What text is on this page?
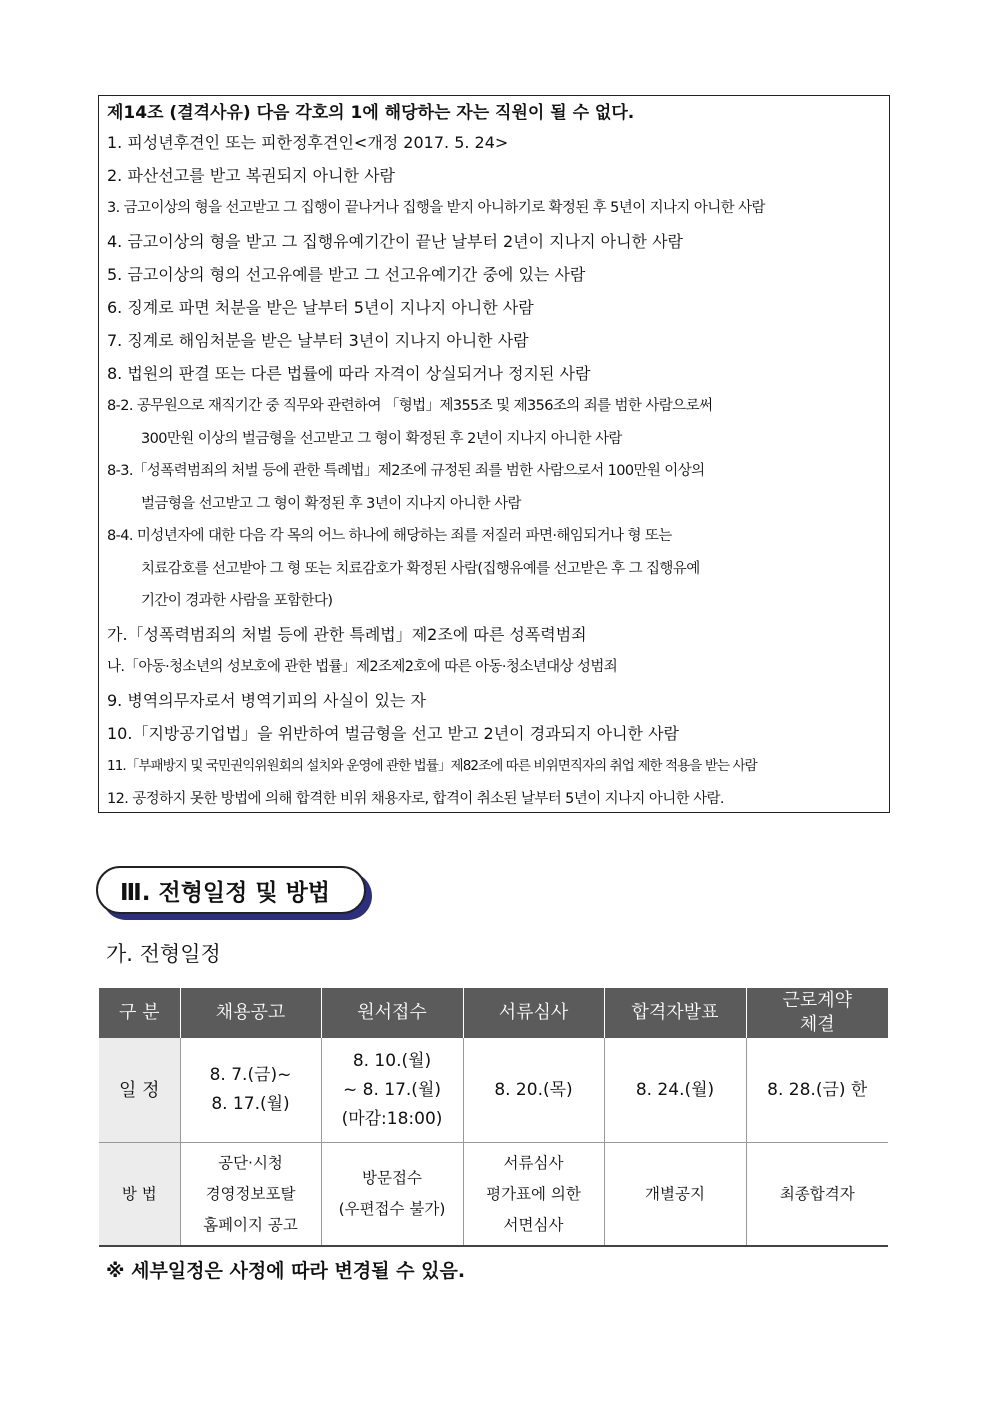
제14조 (결격사유) 다음 각호의 1에 해당하는 자는 직원이 될 수 없다.
1. 피성년후견인 또는 피한정후견인<개정 2017. 5. 24>
2. 파산선고를 받고 복권되지 아니한 사람
3. 금고이상의 형을 선고받고 그 집행이 끝나거나 집행을 받지 아니하기로 확정된 후 5년이 지나지 아니한 사람
4. 금고이상의 형을 받고 그 집행유예기간이 끝난 날부터 2년이 지나지 아니한 사람
5. 금고이상의 형의 선고유예를 받고 그 선고유예기간 중에 있는 사람
6. 징계로 파면 처분을 받은 날부터 5년이 지나지 아니한 사람
7. 징계로 해임처분을 받은 날부터 3년이 지나지 아니한 사람
8. 법원의 판결 또는 다른 법률에 따라 자격이 상실되거나 정지된 사람
8-2. 공무원으로 재직기간 중 직무와 관련하여 「형법」제355조 및 제356조의 죄를 범한 사람으로써
300만원 이상의 벌금형을 선고받고 그 형이 확정된 후 2년이 지나지 아니한 사람
8-3.「성폭력범죄의 처벌 등에 관한 특례법」제2조에 규정된 죄를 범한 사람으로서 100만원 이상의
벌금형을 선고받고 그 형이 확정된 후 3년이 지나지 아니한 사람
8-4. 미성년자에 대한 다음 각 목의 어느 하나에 해당하는 죄를 저질러 파면·해임되거나 형 또는
치료감호를 선고받아 그 형 또는 치료감호가 확정된 사람(집행유예를 선고받은 후 그 집행유예
기간이 경과한 사람을 포함한다)
가.「성폭력범죄의 처벌 등에 관한 특례법」제2조에 따른 성폭력범죄
나.「아동·청소년의 성보호에 관한 법률」제2조제2호에 따른 아동·청소년대상 성범죄
9. 병역의무자로서 병역기피의 사실이 있는 자
10.「지방공기업법」을 위반하여 벌금형을 선고 받고 2년이 경과되지 아니한 사람
11.「부패방지 및 국민권익위원회의 설치와 운영에 관한 법률」제82조에 따른 비위면직자의 취업 제한 적용을 받는 사람
12. 공정하지 못한 방법에 의해 합격한 비위 채용자로, 합격이 취소된 날부터 5년이 지나지 아니한 사람.
Ⅲ. 전형일정 및 방법
가. 전형일정
구 분	채용공고	원서접수	서류심사	합격자발표	근로계약
체결
일 정	8. 7.(금)~
8. 17.(월)	8. 10.(월)
~ 8. 17.(월)
(마감:18:00)	8. 20.(목)	8. 24.(월)	8. 28.(금) 한
방 법	공단·시청
경영정보포탈
홈페이지 공고	방문접수
(우편접수 불가)	서류심사
평가표에 의한
서면심사	개별공지	최종합격자
※ 세부일정은 사정에 따라 변경될 수 있음.
